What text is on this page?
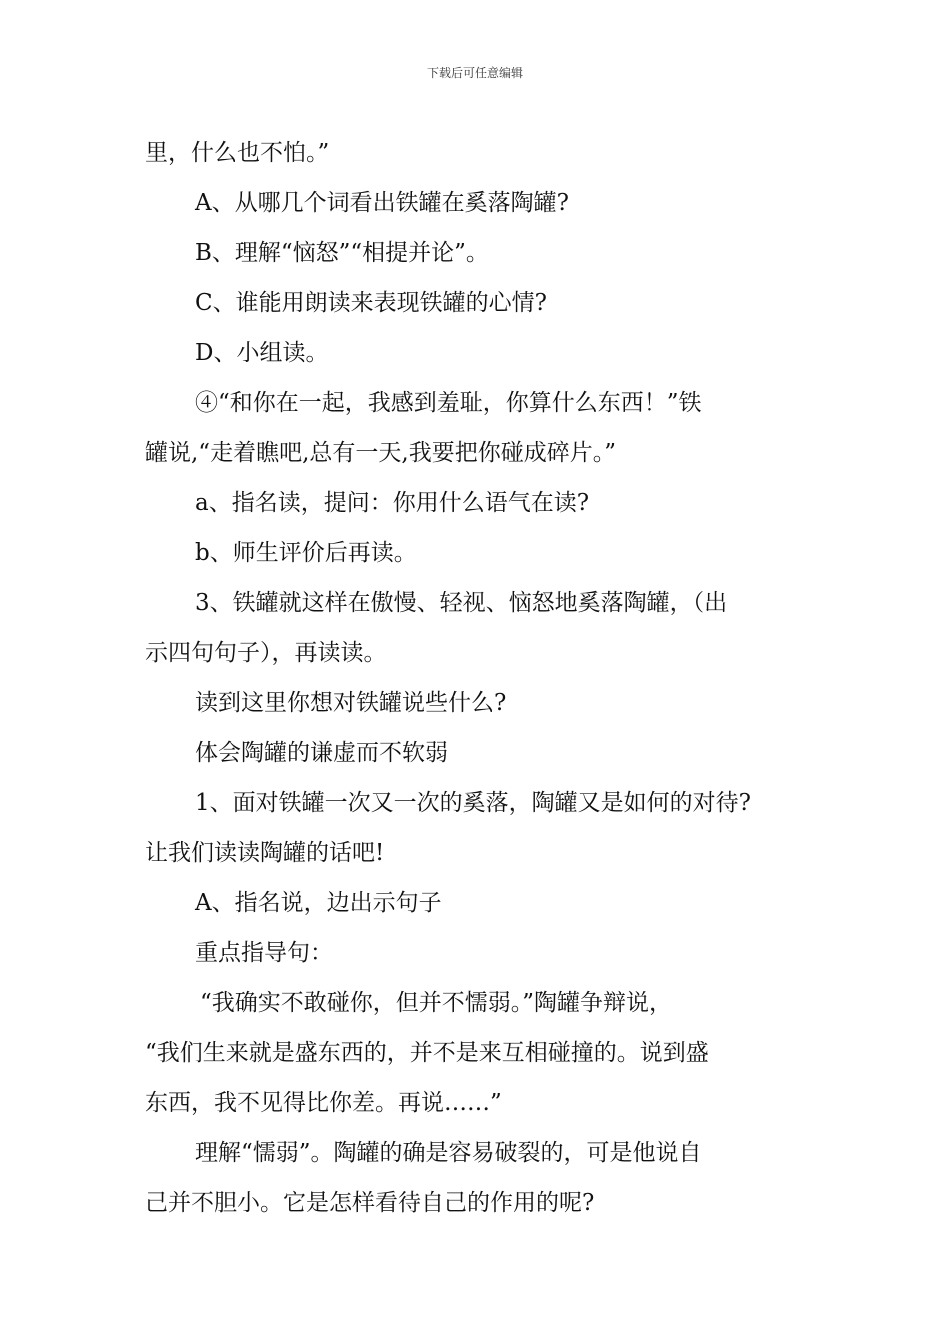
下载后可任意编辑
里，什么也不怕。”
A、从哪几个词看出铁罐在奚落陶罐?
B、理解“恼怒”“相提并论”。
C、谁能用朗读来表现铁罐的心情?
D、小组读。
④“和你在一起，我感到羞耻，你算什么东西！”铁
罐说,“走着瞧吧,总有一天,我要把你碰成碎片。”
a、指名读，提问：你用什么语气在读?
b、师生评价后再读。
3、铁罐就这样在傲慢、轻视、恼怒地奚落陶罐，（出
示四句句子），再读读。
读到这里你想对铁罐说些什么?
体会陶罐的谦虚而不软弱
1、面对铁罐一次又一次的奚落，陶罐又是如何的对待?
让我们读读陶罐的话吧!
A、指名说，边出示句子
重点指导句：
“我确实不敢碰你，但并不懦弱。”陶罐争辩说，
“我们生来就是盛东西的，并不是来互相碰撞的。说到盛
东西，我不见得比你差。再说……”
理解“懦弱”。陶罐的确是容易破裂的，可是他说自
己并不胆小。它是怎样看待自己的作用的呢?
